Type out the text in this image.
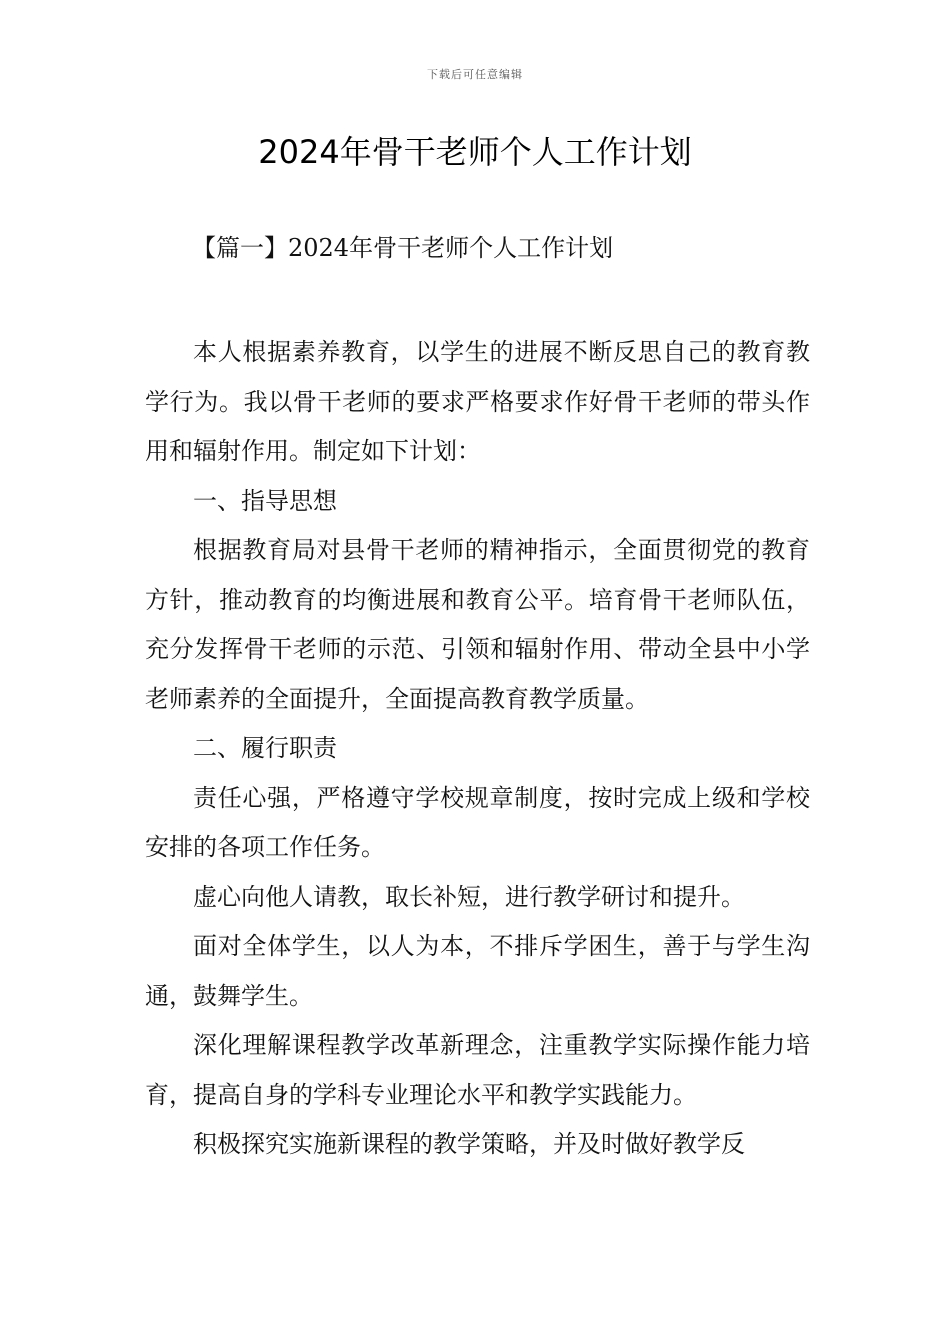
下载后可任意编辑
2024年骨干老师个人工作计划
【篇一】2024年骨干老师个人工作计划

本人根据素养教育，以学生的进展不断反思自己的教育教学行为。我以骨干老师的要求严格要求作好骨干老师的带头作用和辐射作用。制定如下计划：

一、指导思想

根据教育局对县骨干老师的精神指示，全面贯彻党的教育方针，推动教育的均衡进展和教育公平。培育骨干老师队伍，充分发挥骨干老师的示范、引领和辐射作用、带动全县中小学老师素养的全面提升，全面提高教育教学质量。

二、履行职责

责任心强，严格遵守学校规章制度，按时完成上级和学校安排的各项工作任务。

虚心向他人请教，取长补短，进行教学研讨和提升。

面对全体学生，以人为本，不排斥学困生，善于与学生沟通，鼓舞学生。

深化理解课程教学改革新理念，注重教学实际操作能力培育，提高自身的学科专业理论水平和教学实践能力。

积极探究实施新课程的教学策略，并及时做好教学反
